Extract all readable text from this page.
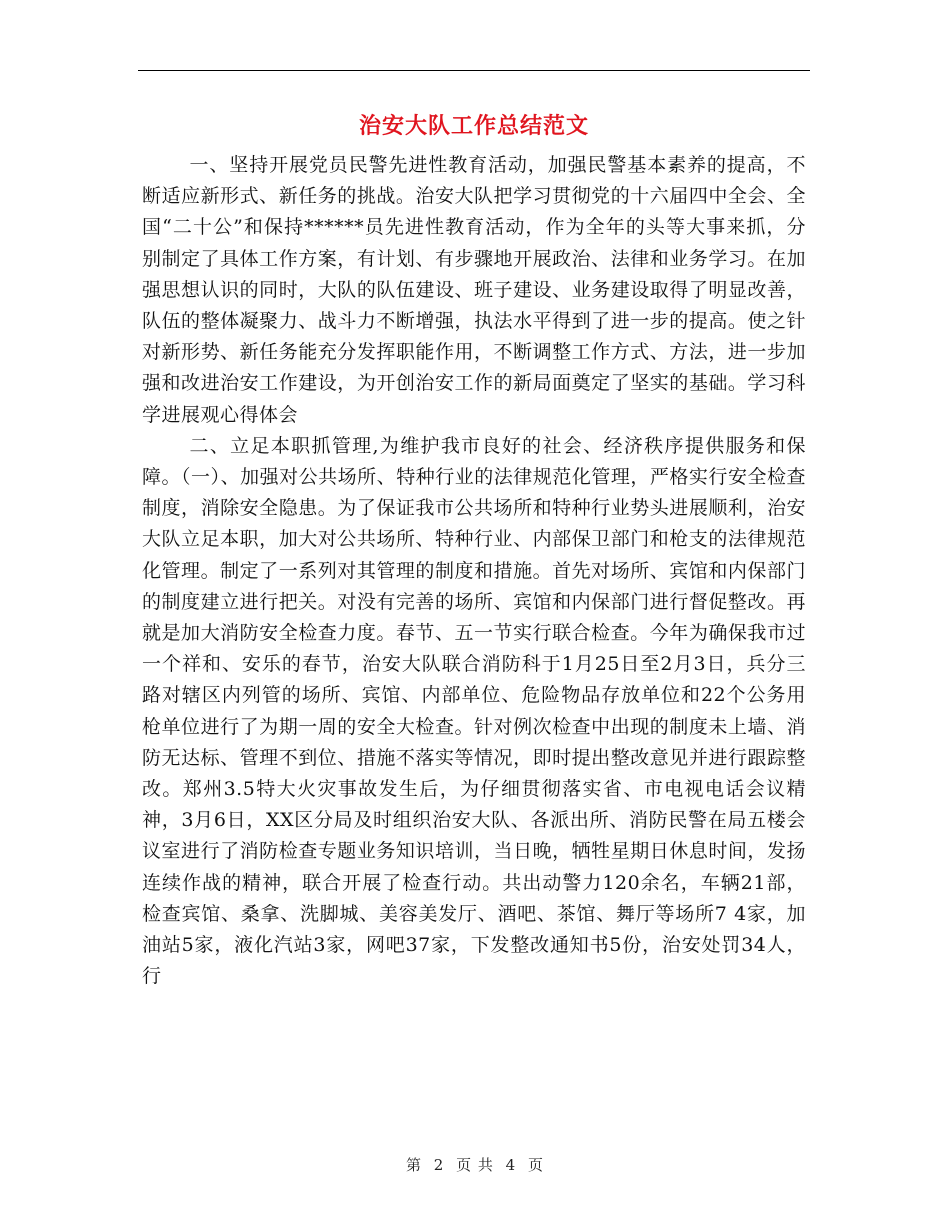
治安大队工作总结范文

一、坚持开展党员民警先进性教育活动，加强民警基本素养的提高，不断适应新形式、新任务的挑战。治安大队把学习贯彻党的十六届四中全会、全国“二十公”和保持******员先进性教育活动，作为全年的头等大事来抓，分别制定了具体工作方案，有计划、有步骤地开展政治、法律和业务学习。在加强思想认识的同时，大队的队伍建设、班子建设、业务建设取得了明显改善，队伍的整体凝聚力、战斗力不断增强，执法水平得到了进一步的提高。使之针对新形势、新任务能充分发挥职能作用，不断调整工作方式、方法，进一步加强和改进治安工作建设，为开创治安工作的新局面奠定了坚实的基础。学习科学进展观心得体会

二、立足本职抓管理,为维护我市良好的社会、经济秩序提供服务和保障。（一）、加强对公共场所、特种行业的法律规范化管理，严格实行安全检查制度，消除安全隐患。为了保证我市公共场所和特种行业势头进展顺利，治安大队立足本职，加大对公共场所、特种行业、内部保卫部门和枪支的法律规范化管理。制定了一系列对其管理的制度和措施。首先对场所、宾馆和内保部门的制度建立进行把关。对没有完善的场所、宾馆和内保部门进行督促整改。再就是加大消防安全检查力度。春节、五一节实行联合检查。今年为确保我市过一个祥和、安乐的春节，治安大队联合消防科于1月25日至2月3日，兵分三路对辖区内列管的场所、宾馆、内部单位、危险物品存放单位和22个公务用枪单位进行了为期一周的安全大检查。针对例次检查中出现的制度未上墙、消防无达标、管理不到位、措施不落实等情况，即时提出整改意见并进行跟踪整改。郑州3.5特大火灾事故发生后，为仔细贯彻落实省、市电视电话会议精神，3月6日，XX区分局及时组织治安大队、各派出所、消防民警在局五楼会议室进行了消防检查专题业务知识培训，当日晚，牺牲星期日休息时间，发扬连续作战的精神，联合开展了检查行动。共出动警力120余名，车辆21部，检查宾馆、桑拿、洗脚城、美容美发厅、酒吧、茶馆、舞厅等场所7 4家，加油站5家，液化汽站3家，网吧37家，下发整改通知书5份，治安处罚34人，行

第 2 页 共 4 页
